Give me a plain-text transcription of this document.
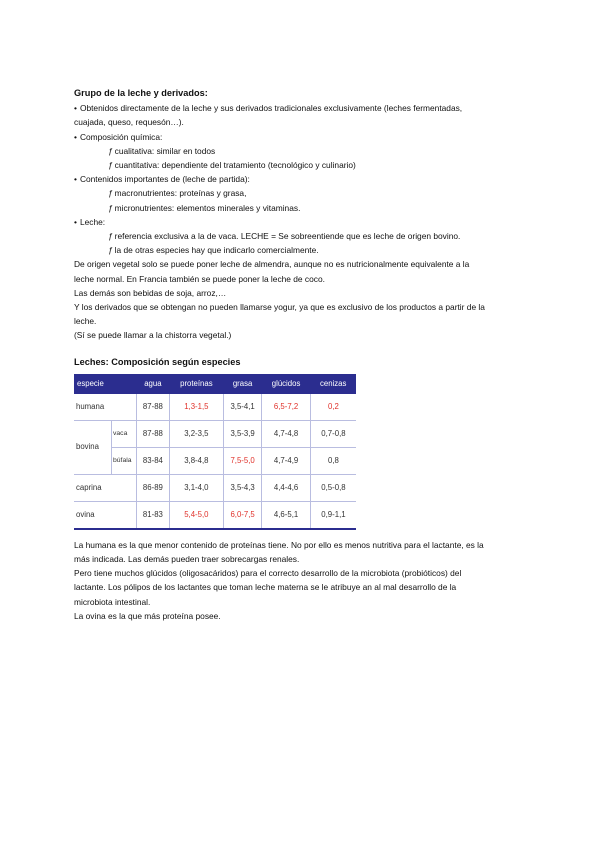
Grupo de la leche y derivados:
• Obtenidos directamente de la leche y sus derivados tradicionales exclusivamente (leches fermentadas,
cuajada, queso, requesón…).
• Composición química:
ƒ cualitativa: similar en todos
ƒ cuantitativa: dependiente del tratamiento (tecnológico y culinario)
• Contenidos importantes de (leche de partida):
ƒ macronutrientes: proteínas y grasa,
ƒ micronutrientes: elementos minerales y vitaminas.
• Leche:
ƒ referencia exclusiva a la de vaca. LECHE = Se sobreentiende que es leche de origen bovino.
ƒ la de otras especies hay que indicarlo comercialmente.
De origen vegetal solo se puede poner leche de almendra, aunque no es nutricionalmente equivalente a la
leche normal. En Francia también se puede poner la leche de coco.
Las demás son bebidas de soja, arroz,…
Y los derivados que se obtengan no pueden llamarse yogur, ya que es exclusivo de los productos a partir de la
leche.
(Sí se puede llamar a la chistorra vegetal.)
Leches: Composición según especies
especie		agua	proteínas	grasa	glúcidos	cenizas
humana		87-88	1,3-1,5	3,5-4,1	6,5-7,2	0,2
bovina	vaca	87-88	3,2-3,5	3,5-3,9	4,7-4,8	0,7-0,8
	búfala	83-84	3,8-4,8	7,5-5,0	4,7-4,9	0,8
caprina		86-89	3,1-4,0	3,5-4,3	4,4-4,6	0,5-0,8
ovina		81-83	5,4-5,0	6,0-7,5	4,6-5,1	0,9-1,1
La humana es la que menor contenido de proteínas tiene. No por ello es menos nutritiva para el lactante, es la
más indicada. Las demás pueden traer sobrecargas renales.
Pero tiene muchos glúcidos (oligosacáridos) para el correcto desarrollo de la microbiota (probióticos) del
lactante. Los pólipos de los lactantes que toman leche materna se le atribuye an al mal desarrollo de la
microbiota intestinal.
La ovina es la que más proteína posee.
